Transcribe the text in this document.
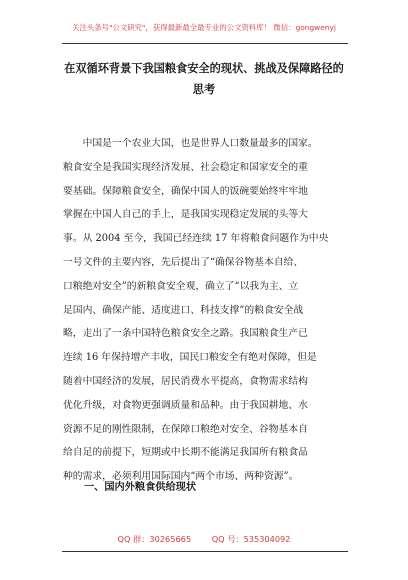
关注头条号"公文研究"，获得最新最全最专业的公文资料库！ 微信：gongwenyj
在双循环背景下我国粮食安全的现状、挑战及保障路径的
思考
　　中国是一个农业大国，也是世界人口数量最多的国家。
粮食安全是我国实现经济发展、社会稳定和国家安全的重
要基础。保障粮食安全，确保中国人的饭碗要始终牢牢地
掌握在中国人自己的手上，是我国实现稳定发展的头等大
事。从 2004 至今，我国已经连续 17 年将粮食问题作为中央
一号文件的主要内容，先后提出了“确保谷物基本自给、
口粮绝对安全”的新粮食安全观，确立了“以我为主、立
足国内、确保产能、适度进口、科技支撑”的粮食安全战
略，走出了一条中国特色粮食安全之路。我国粮食生产已
连续 16 年保持增产丰收，国民口粮安全有绝对保障，但是
随着中国经济的发展，居民消费水平提高，食物需求结构
优化升级，对食物更强调质量和品种。由于我国耕地、水
资源不足的刚性限制，在保障口粮绝对安全、谷物基本自
给自足的前提下，短期或中长期不能满足我国所有粮食品
种的需求，必须利用国际国内“两个市场、两种资源”。
一、国内外粮食供给现状
QQ 群：30265665	QQ 号：535304092
